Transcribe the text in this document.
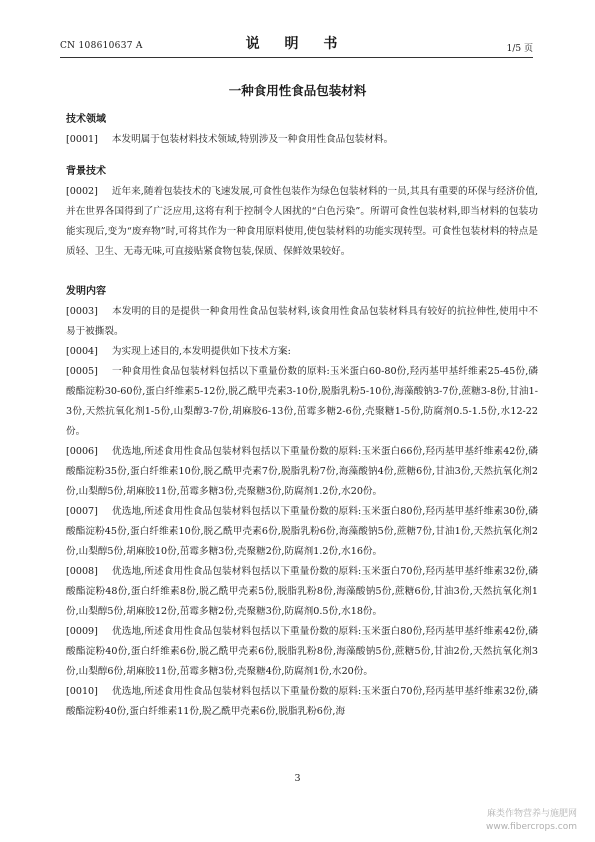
CN 108610637 A	说 明 书	1/5 页
一种食用性食品包装材料
技术领域
[0001] 本发明属于包装材料技术领域,特别涉及一种食用性食品包装材料。
背景技术
[0002] 近年来,随着包装技术的飞速发展,可食性包装作为绿色包装材料的一员,其具有重要的环保与经济价值,并在世界各国得到了广泛应用,这将有利于控制令人困扰的“白色污染”。所谓可食性包装材料,即当材料的包装功能实现后,变为“废弃物”时,可将其作为一种食用原料使用,使包装材料的功能实现转型。可食性包装材料的特点是质轻、卫生、无毒无味,可直接贴紧食物包装,保质、保鲜效果较好。
发明内容
[0003] 本发明的目的是提供一种食用性食品包装材料,该食用性食品包装材料具有较好的抗拉伸性,使用中不易于被撕裂。
[0004] 为实现上述目的,本发明提供如下技术方案:
[0005] 一种食用性食品包装材料包括以下重量份数的原料:玉米蛋白60-80份,羟丙基甲基纤维素25-45份,磷酸酯淀粉30-60份,蛋白纤维素5-12份,脱乙酰甲壳素3-10份,脱脂乳粉5-10份,海藻酸钠3-7份,蔗糖3-8份,甘油1-3份,天然抗氧化剂1-5份,山梨醇3-7份,胡麻胶6-13份,茁霉多糖2-6份,壳聚糖1-5份,防腐剂0.5-1.5份,水12-22份。
[0006] 优选地,所述食用性食品包装材料包括以下重量份数的原料:玉米蛋白66份,羟丙基甲基纤维素42份,磷酸酯淀粉35份,蛋白纤维素10份,脱乙酰甲壳素7份,脱脂乳粉7份,海藻酸钠4份,蔗糖6份,甘油3份,天然抗氧化剂2份,山梨醇5份,胡麻胶11份,茁霉多糖3份,壳聚糖3份,防腐剂1.2份,水20份。
[0007] 优选地,所述食用性食品包装材料包括以下重量份数的原料:玉米蛋白80份,羟丙基甲基纤维素30份,磷酸酯淀粉45份,蛋白纤维素10份,脱乙酰甲壳素6份,脱脂乳粉6份,海藻酸钠5份,蔗糖7份,甘油1份,天然抗氧化剂2份,山梨醇5份,胡麻胶10份,茁霉多糖3份,壳聚糖2份,防腐剂1.2份,水16份。
[0008] 优选地,所述食用性食品包装材料包括以下重量份数的原料:玉米蛋白70份,羟丙基甲基纤维素32份,磷酸酯淀粉48份,蛋白纤维素8份,脱乙酰甲壳素5份,脱脂乳粉8份,海藻酸钠5份,蔗糖6份,甘油3份,天然抗氧化剂1份,山梨醇5份,胡麻胶12份,茁霉多糖2份,壳聚糖3份,防腐剂0.5份,水18份。
[0009] 优选地,所述食用性食品包装材料包括以下重量份数的原料:玉米蛋白80份,羟丙基甲基纤维素42份,磷酸酯淀粉40份,蛋白纤维素6份,脱乙酰甲壳素6份,脱脂乳粉8份,海藻酸钠5份,蔗糖5份,甘油2份,天然抗氧化剂3份,山梨醇6份,胡麻胶11份,茁霉多糖3份,壳聚糖4份,防腐剂1份,水20份。
[0010] 优选地,所述食用性食品包装材料包括以下重量份数的原料:玉米蛋白70份,羟丙基甲基纤维素32份,磷酸酯淀粉40份,蛋白纤维素11份,脱乙酰甲壳素6份,脱脂乳粉6份,海
3
麻类作物营养与施肥网
www.fibercrops.com
